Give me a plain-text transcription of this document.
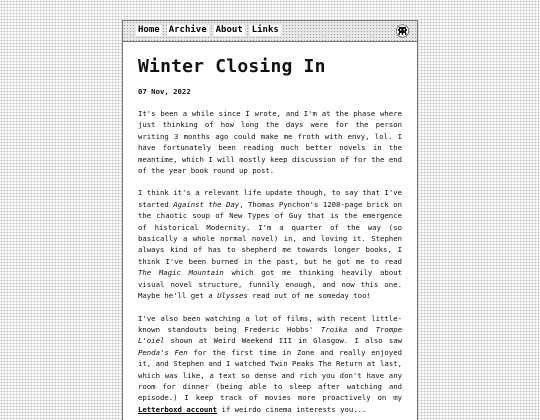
Home Archive About Links
Winter Closing In
07 Nov, 2022

It's been a while since I wrote, and I'm at the phase where just thinking of how long the days were for the person writing 3 months ago could make me froth with envy, lol. I have fortunately been reading much better novels in the meantime, which I will mostly keep discussion of for the end of the year book round up post.

I think it's a relevant life update though, to say that I've started Against the Day, Thomas Pynchon's 1208-page brick on the chaotic soup of New Types of Guy that is the emergence of historical Modernity. I'm a quarter of the way (so basically a whole normal novel) in, and loving it. Stephen always kind of has to shepherd me towards longer books, I think I've been burned in the past, but he got me to read The Magic Mountain which got me thinking heavily about visual novel structure, funnily enough, and now this one. Maybe he'll get a Ulysses read out of me someday too!

I've also been watching a lot of films, with recent little-known standouts being Frederic Hobbs' Troika and Trompe L'oiel shown at Weird Weekend III in Glasgow. I also saw Penda's Fen for the first time in Zone and really enjoyed it, and Stephen and I watched Twin Peaks The Return at last, which was like, a text so dense and rich you don't have any room for dinner (being able to sleep after watching and episode.) I keep track of movies more proactively on my Letterboxd account if weirdo cinema interests you...
